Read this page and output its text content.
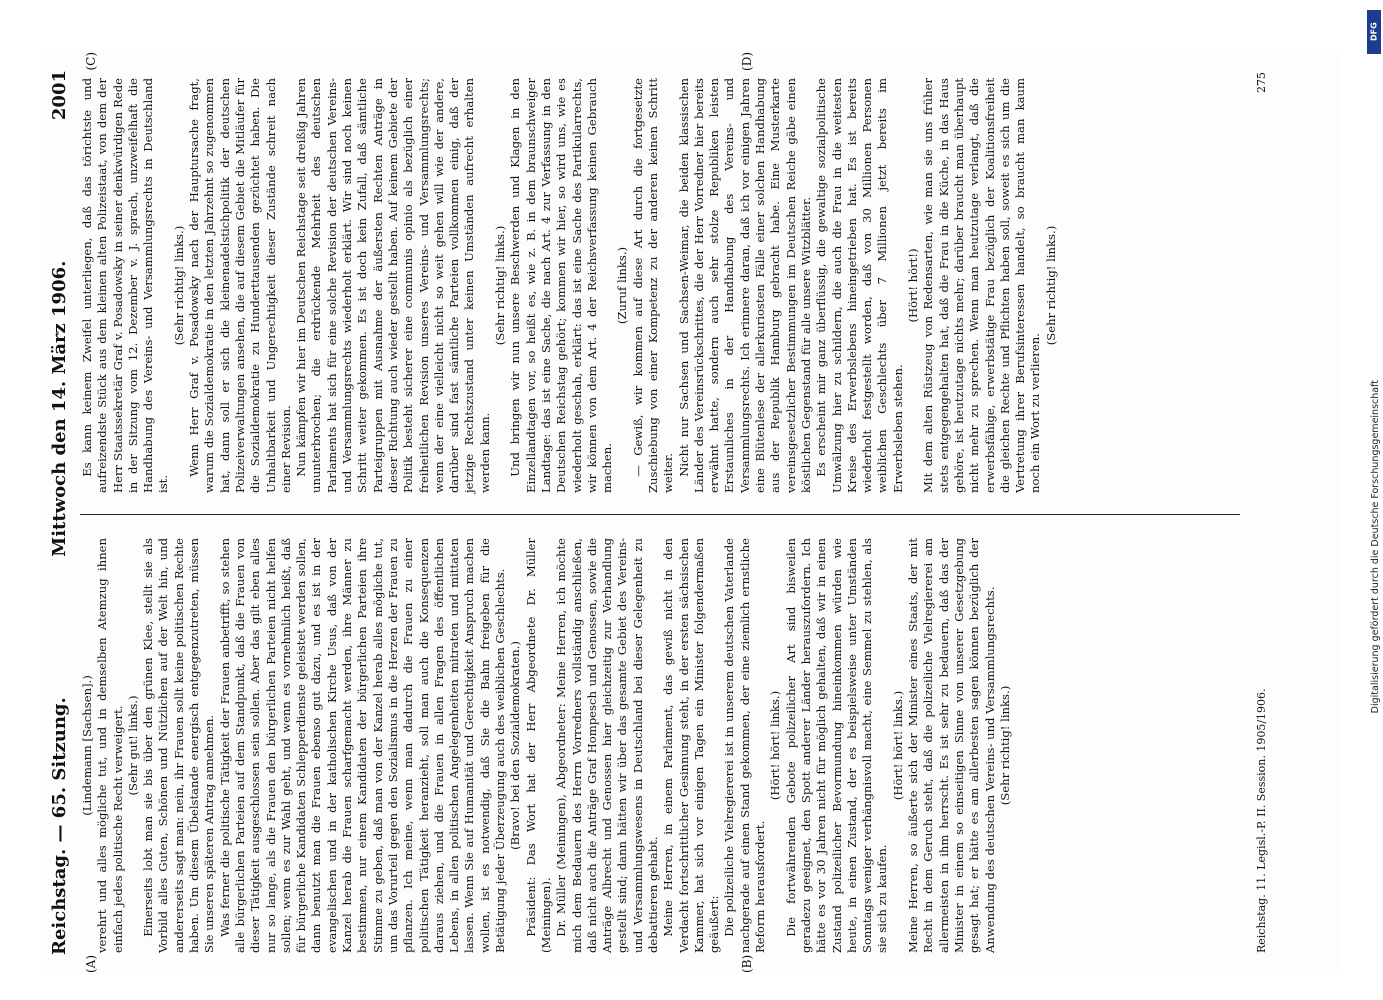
Reichstag. — 65. Sitzung.
Mittwoch den 14. März 1906.
2001
(A)	(B)
(C)	(D)

(Lindemann [Sachsen].) verehrt und alles mögliche tut, und in demselben Atemzug ihnen einfach jedes politische Recht verweigert. (Sehr gut! links.) Einerseits lobt man sie bis über den grünen Klee, stellt sie als Vorbild alles Guten, Schönen und Nützlichen auf der Welt hin, und andererseits sagt man: nein, ihr Frauen sollt keine politischen Rechte haben. Um diesem Übelstande energisch entgegenzutreten, müssen Sie unseren späteren Antrag annehmen. Was ferner die politische Tätigkeit der Frauen anbetrifft, so stehen alle bürgerlichen Parteien auf dem Standpunkt, daß die Frauen von dieser Tätigkeit ausgeschlossen sein sollen. Aber das gilt eben alles nur so lange, als die Frauen den bürgerlichen Parteien nicht helfen sollen; wenn es zur Wahl geht, und wenn es vornehmlich heißt, daß für bürgerliche Kandidaten Schlepperdienste geleistet werden sollen, dann benutzt man die Frauen ebenso gut dazu, und es ist in der evangelischen und in der katholischen Kirche Usus, daß von der Kanzel herab die Frauen scharfgemacht werden, ihre Männer zu bestimmen, nur einem Kandidaten der bürgerlichen Parteien ihre Stimme zu geben, daß man von der Kanzel herab alles mögliche tut, um das Vorurteil gegen den Sozialismus in die Herzen der Frauen zu pflanzen. Ich meine, wenn man dadurch die Frauen zu einer politischen Tätigkeit heranzieht, soll man auch die Konsequenzen daraus ziehen, und die Frauen in allen Fragen des öffentlichen Lebens, in allen politischen Angelegenheiten mitraten und mittaten lassen. Wenn Sie auf Humanität und Gerechtigkeit Anspruch machen wollen, ist es notwendig, daß Sie die Bahn freigeben für die Betätigung jeder Überzeugung auch des weiblichen Geschlechts. (Bravo! bei den Sozialdemokraten.) Präsident: Das Wort hat der Herr Abgeordnete Dr. Müller (Meiningen). Dr. Müller (Meiningen), Abgeordneter: Meine Herren, ich möchte mich dem Bedauern des Herrn Vorredners vollständig anschließen, daß nicht auch die Anträge Graf Hompesch und Genossen, sowie die Anträge Albrecht und Genossen hier gleichzeitig zur Verhandlung gestellt sind; dann hätten wir über das gesamte Gebiet des Vereins- und Versammlungswesens in Deutschland bei dieser Gelegenheit zu debattieren gehabt. Meine Herren, in einem Parlament, das gewiß nicht in den Verdacht fortschrittlicher Gesinnung steht, in der ersten sächsischen Kammer, hat sich vor einigen Tagen ein Minister folgendermaßen geäußert: Die polizeiliche Vielregiererei ist in unserem deutschen Vaterlande nachgerade auf einen Stand gekommen, der eine ziemlich ernstliche Reform herausfordert.

(Hört! hört! links.) Die fortwährenden Gebote polizeilicher Art sind bisweilen geradezu geeignet, den Spott anderer Länder herauszufordern. Ich hätte es vor 30 Jahren nicht für möglich gehalten, daß wir in einen Zustand polizeilicher Bevormundung hineinkommen würden wie heute, in einen Zustand, der es beispielsweise unter Umständen Sonntags weniger verhängnisvoll macht, eine Semmel zu stehlen, als sie sich zu kaufen.

(Hört! hört! links.) Meine Herren, so äußerte sich der Minister eines Staats, der mit Recht in dem Geruch steht, daß die polizeiliche Vielregiererei am allermeisten in ihm herrscht. Es ist sehr zu bedauern, daß das der Minister in einem so einseitigen Sinne von unserer Gesetzgebung gesagt hat; er hätte es am allerbesten sagen können bezüglich der Anwendung des deutschen Vereins- und Versammlungsrechts. (Sehr richtig! links.)

Es kann keinem Zweifel unterliegen, daß das törichtste und aufreizendste Stück aus dem kleinen alten Polizeistaat, von dem der Herr Staatssekretär Graf v. Posadowsky in seiner denkwürdigen Rede in der Sitzung vom 12. Dezember v. J. sprach, unzweifelhaft die Handhabung des Vereins- und Versammlungsrechts in Deutschland ist.

(Sehr richtig! links.) Wenn Herr Graf v. Posadowsky nach der Hauptursache fragt, warum die Sozialdemokratie in den letzten Jahrzehnt so zugenommen hat, dann soll er sich die kleinenadelstichpolitik der deutschen Polizeiverwaltungen ansehen, die auf diesem Gebiet die Mitläufer für die Sozialdemokratie zu Hunderttausenden gezüchtet haben. Die Unhaltbarkeit und Ungerechtigkeit dieser Zustände schreit nach einer Revision. Nun kämpfen wir hier im Deutschen Reichstage seit dreißig Jahren ununterbrochen; die erdrückende Mehrheit des deutschen Parlaments hat sich für eine solche Revision der deutschen Vereins- und Versammlungsrechts wiederholt erklärt. Wir sind noch keinen Schritt weiter gekommen. Es ist doch kein Zufall, daß sämtliche Parteigruppen mit Ausnahme der äußersten Rechten Anträge in dieser Richtung auch wieder gestellt haben. Auf keinem Gebiete der Politik besteht sicherer eine communis opinio als bezüglich einer freiheitlichen Revision unseres Vereins- und Versammlungsrechts; wenn der eine vielleicht nicht so weit gehen will wie der andere, darüber sind fast sämtliche Parteien vollkommen einig, daß der jetzige Rechtszustand unter keinen Umständen aufrecht erhalten werden kann.

(Sehr richtig! links.) Und bringen wir nun unsere Beschwerden und Klagen in den Einzellandtagen vor, so heißt es, wie z. B. in dem braunschweiger Landtage: das ist eine Sache, die nach Art. 4 zur Verfassung in den Deutschen Reichstag gehört; kommen wir hier, so wird uns, wie es wiederholt geschah, erklärt: das ist eine Sache des Partikularrechts, wir können von dem Art. 4 der Reichsverfassung keinen Gebrauch machen.

(Zuruf links.) — Gewiß, wir kommen auf diese Art durch die fortgesetzte Zuschiebung von einer Kompetenz zu der anderen keinen Schritt weiter. Nicht nur Sachsen und Sachsen-Weimar, die beiden klassischen Länder des Vereinsrückschrittes, die der Herr Vorredner hier bereits erwähnt hatte, sondern auch sehr stolze Republiken leisten Erstaunliches in der Handhabung des Vereins- und Versammlungsrechts. Ich erinnere daran, daß ich vor einigen Jahren eine Blütenlese der allerkuriosten Fälle einer solchen Handhabung aus der Republik Hamburg gebracht habe. Eine Musterkarte vereinsgesetzlicher Bestimmungen im Deutschen Reiche gäbe einen köstlichen Gegenstand für alle unsere Witzblätter. Es erscheint mir ganz überflüssig, die gewaltige sozialpolitische Umwälzung hier zu schildern, die auch die Frau in die weitesten Kreise des Erwerbslebens hineingetrieben hat. Es ist bereits wiederholt festgestellt worden, daß von 30 Millionen Personen weiblichen Geschlechts über 7 Millionen jetzt bereits im Erwerbsleben stehen.

(Hört! hört!) Mit dem alten Rüstzeug von Redensarten, wie man sie uns früher stets entgegengehalten hat, daß die Frau in die Küche, in das Haus gehöre, ist heutzutage nichts mehr; darüber braucht man überhaupt nicht mehr zu sprechen. Wenn man heutzutage verlangt, daß die erwerbsfähige, erwerbstätige Frau bezüglich der Koalitionsfreiheit die gleichen Rechte und Pflichten haben soll, soweit es sich um die Vertretung ihrer Berufsinteressen handelt, so braucht man kaum noch ein Wort zu verlieren.

(Sehr richtig! links.)

Reichstag. 11. Legisl.-P. II. Session. 1905/1906.
275
DFG
Digitalisierung gefördert durch die Deutsche Forschungsgemeinschaft
